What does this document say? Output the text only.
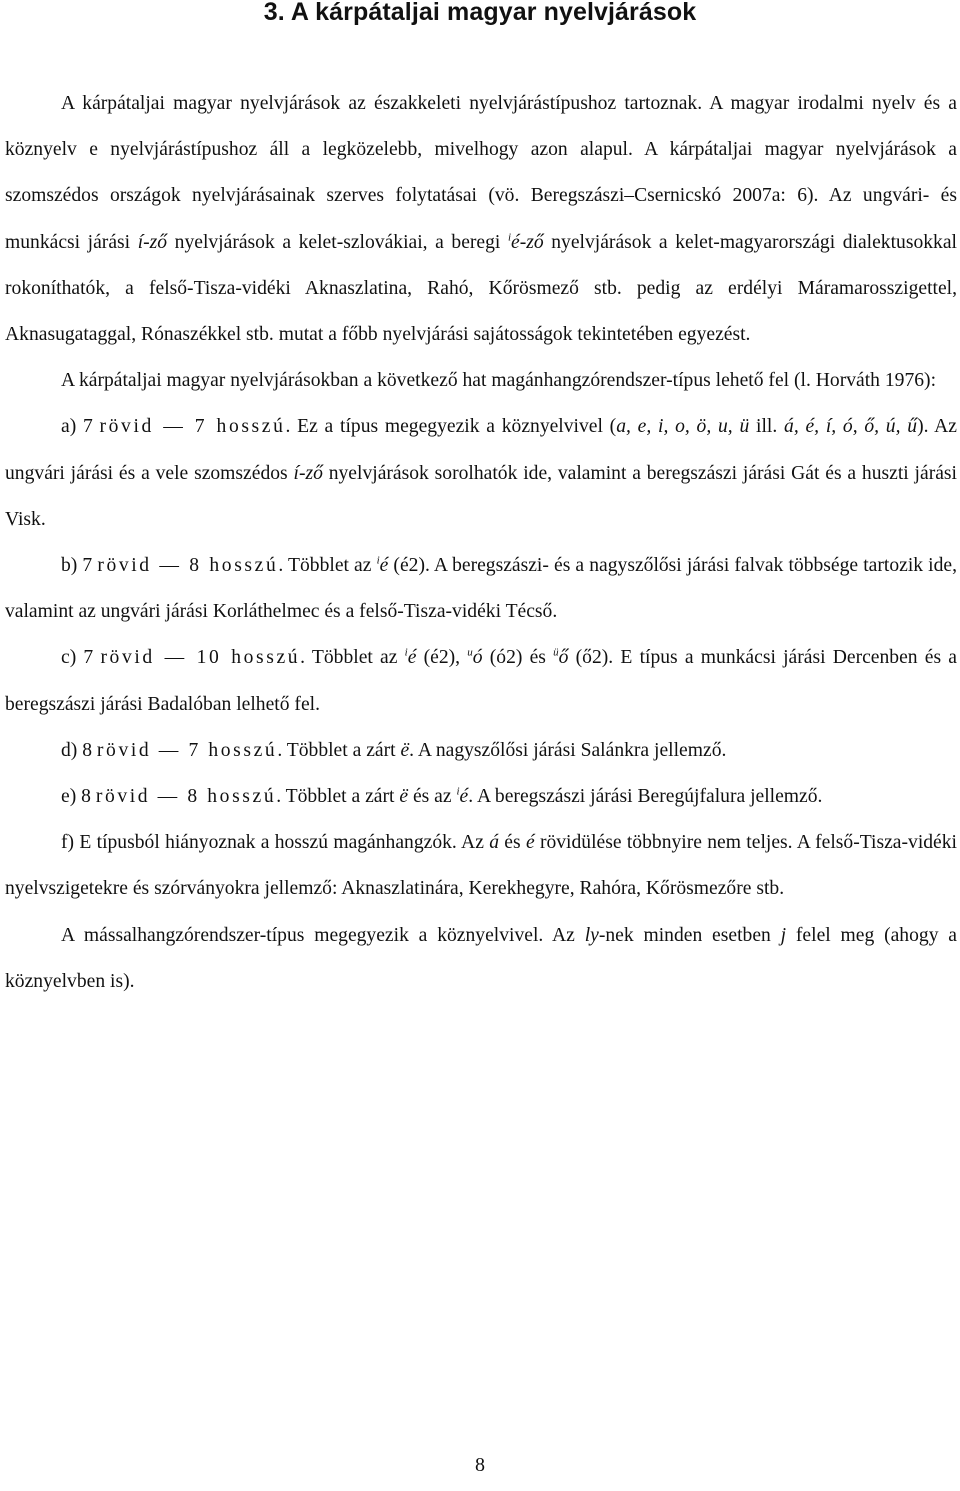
3. A kárpátaljai magyar nyelvjárások

A kárpátaljai magyar nyelvjárások az északkeleti nyelvjárástípushoz tartoznak. A magyar irodalmi nyelv és a köznyelv e nyelvjárástípushoz áll a legközelebb, mivelhogy azon alapul. A kárpátaljai magyar nyelvjárások a szomszédos országok nyelvjárásainak szerves folytatásai (vö. Beregszászi–Csernicskó 2007a: 6). Az ungvári- és munkácsi járási í-ző nyelvjárások a kelet-szlovákiai, a beregi $^i$é-ző nyelvjárások a kelet-magyarországi dialektusokkal rokoníthatók, a felső-Tisza-vidéki Aknaszlatina, Rahó, Kőrösmező stb. pedig az erdélyi Máramarosszigettel, Aknasugataggal, Rónaszékkel stb. mutat a főbb nyelvjárási sajátosságok tekintetében egyezést.

A kárpátaljai magyar nyelvjárásokban a következő hat magánhangzórendszer-típus lehető fel (l. Horváth 1976):

a) 7 rövid — 7 hosszú. Ez a típus megegyezik a köznyelvivel (a, e, i, o, ö, u, ü ill. á, é, í, ó, ő, ú, ű). Az ungvári járási és a vele szomszédos í-ző nyelvjárások sorolhatók ide, valamint a beregszászi járási Gát és a huszti járási Visk.

b) 7 rövid — 8 hosszú. Többlet az $^i$é (é2). A beregszászi- és a nagyszőlősi járási falvak többsége tartozik ide, valamint az ungvári járási Korláthelmec és a felső-Tisza-vidéki Técső.

c) 7 rövid — 10 hosszú. Többlet az $^i$é (é2), $^u$ó (ó2) és $^ü$ő (ő2). E típus a munkácsi járási Dercenben és a beregszászi járási Badalóban lelhető fel.

d) 8 rövid — 7 hosszú. Többlet a zárt ë. A nagyszőlősi járási Salánkra jellemző.

e) 8 rövid — 8 hosszú. Többlet a zárt ë és az $^i$é. A beregszászi járási Beregújfalura jellemző.

f) E típusból hiányoznak a hosszú magánhangzók. Az á és é rövidülése többnyire nem teljes. A felső-Tisza-vidéki nyelvszigetekre és szórványokra jellemző: Aknaszlatinára, Kerekhegyre, Rahóra, Kőrösmezőre stb.

A mássalhangzórendszer-típus megegyezik a köznyelvivel. Az ly-nek minden esetben j felel meg (ahogy a köznyelvben is).

8
